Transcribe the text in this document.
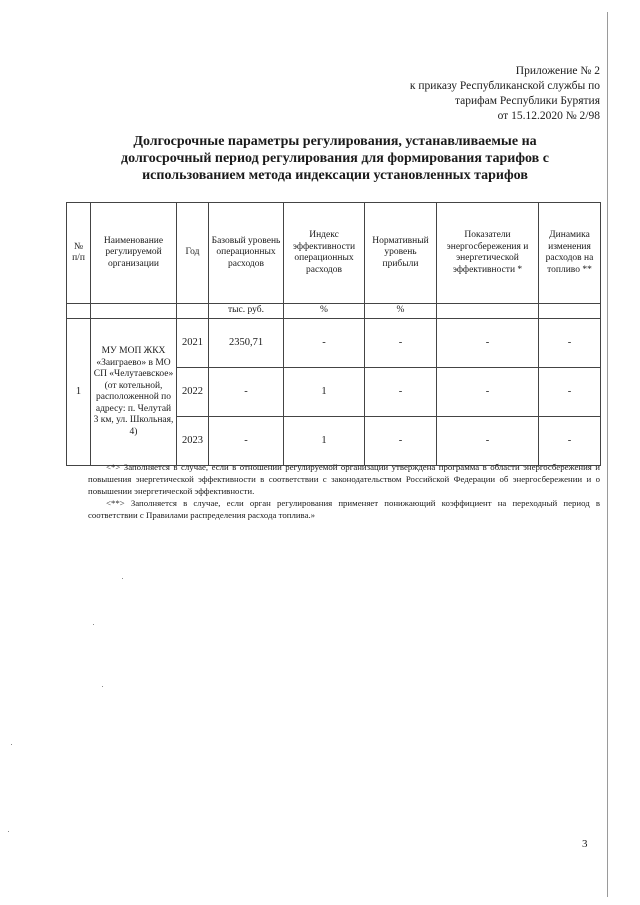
Приложение № 2
к приказу Республиканской службы по
тарифам Республики Бурятия
от 15.12.2020 № 2/98
Долгосрочные параметры регулирования, устанавливаемые на долгосрочный период регулирования для формирования тарифов с использованием метода индексации установленных тарифов
№ п/п	Наименование регулируемой организации	Год	Базовый уровень операционных расходов	Индекс эффективности операционных расходов	Нормативный уровень прибыли	Показатели энергосбережения и энергетической эффективности *	Динамика изменения расходов на топливо **
			тыс. руб.	%	%		
1	МУ МОП ЖКХ «Заиграево» в МО СП «Челутаевское» (от котельной, расположенной по адресу: п. Челутай 3 км, ул. Школьная, 4)	2021	2350,71	-	-	-	-
		2022	-	1	-	-	-
		2023	-	1	-	-	-

<*> Заполняется в случае, если в отношении регулируемой организации утверждена программа в области энергосбережения и повышения энергетической эффективности в соответствии с законодательством Российской Федерации об энергосбережении и о повышении энергетической эффективности.

<**> Заполняется в случае, если орган регулирования применяет понижающий коэффициент на переходный период в соответствии с Правилами распределения расхода топлива.»

3
